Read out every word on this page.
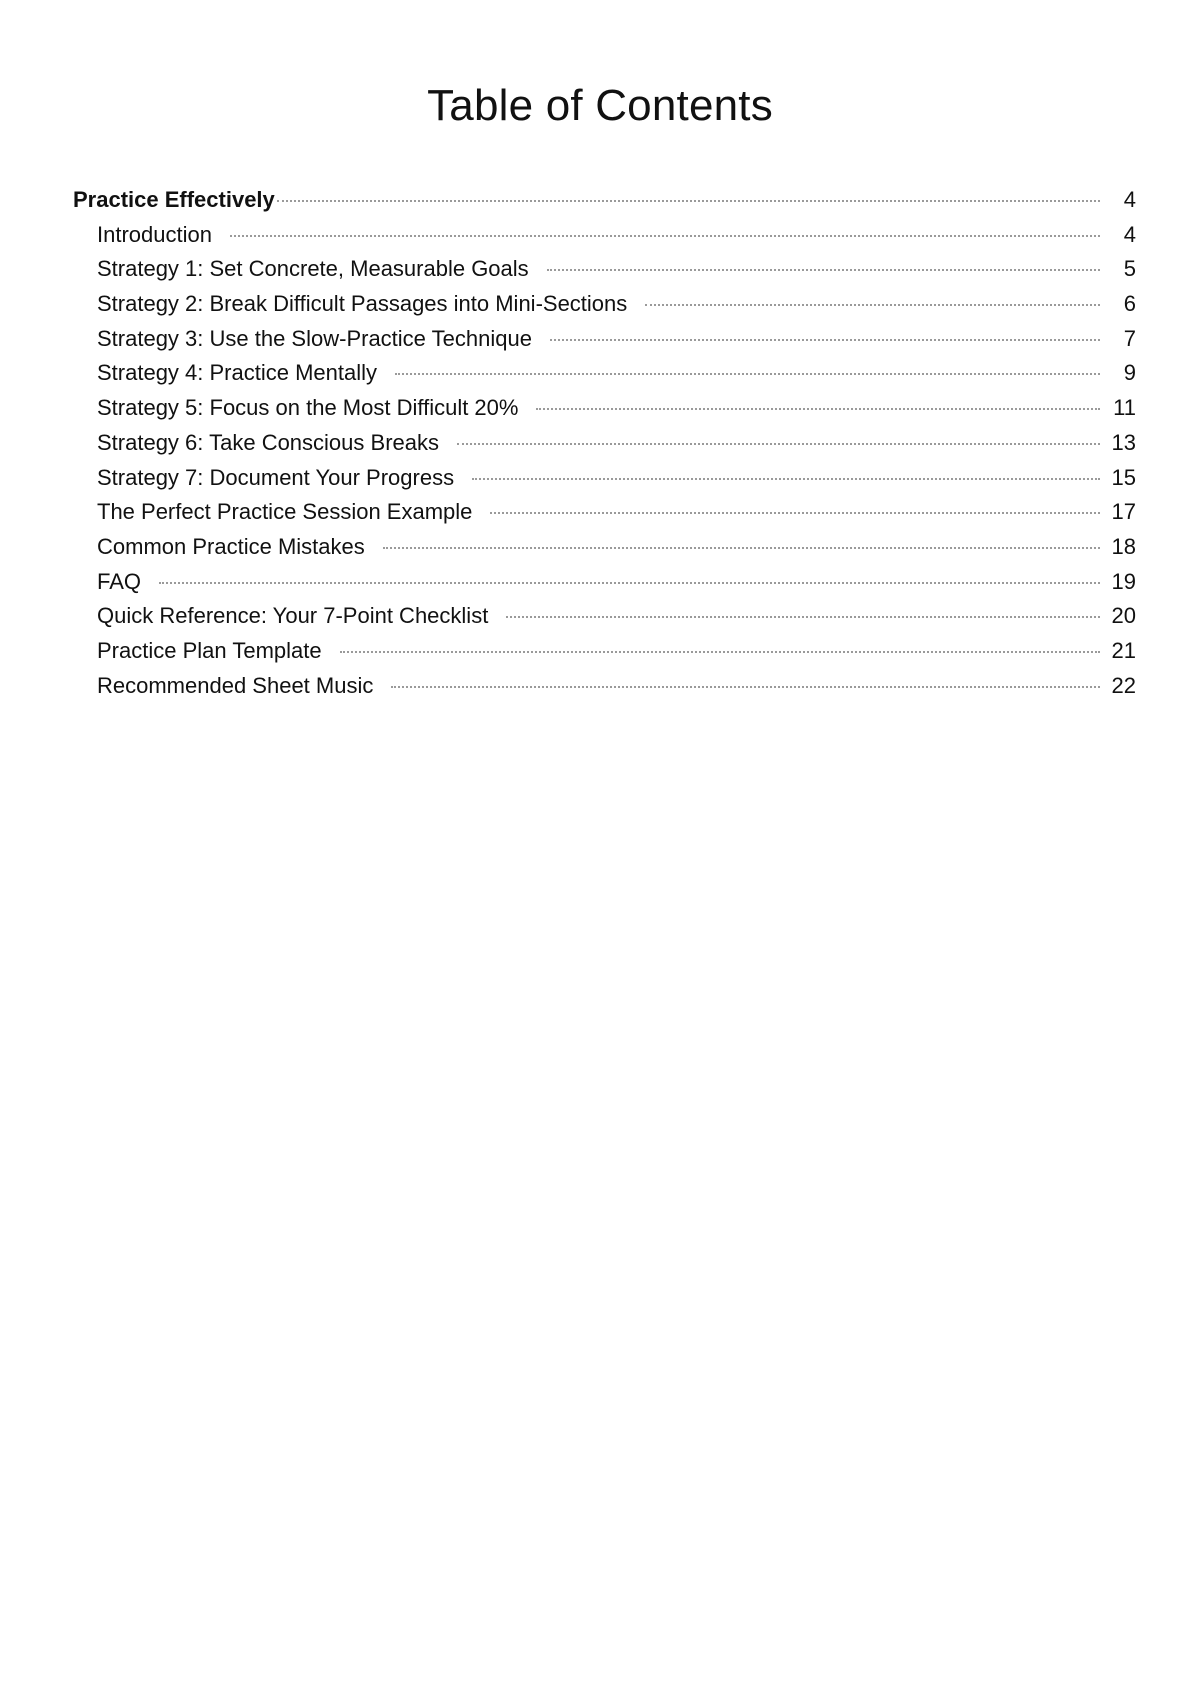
Table of Contents
Practice Effectively	4
Introduction	4
Strategy 1: Set Concrete, Measurable Goals	5
Strategy 2: Break Difficult Passages into Mini-Sections	6
Strategy 3: Use the Slow-Practice Technique	7
Strategy 4: Practice Mentally	9
Strategy 5: Focus on the Most Difficult 20%	11
Strategy 6: Take Conscious Breaks	13
Strategy 7: Document Your Progress	15
The Perfect Practice Session Example	17
Common Practice Mistakes	18
FAQ	19
Quick Reference: Your 7-Point Checklist	20
Practice Plan Template	21
Recommended Sheet Music	22
